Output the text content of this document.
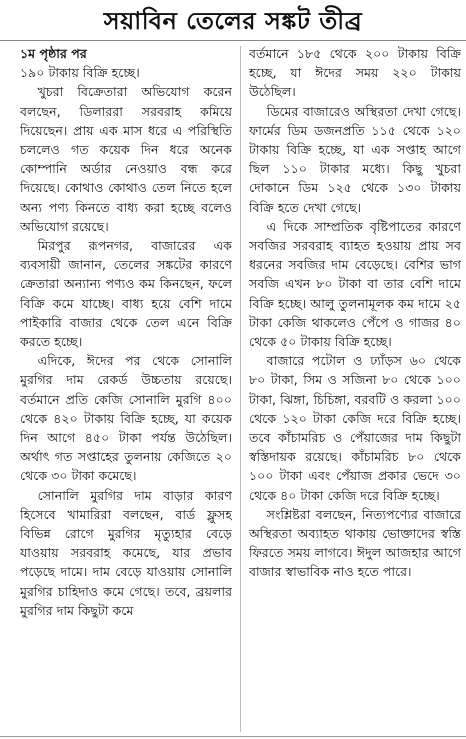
সয়াবিন তেলের সঙ্কট তীব্র
১ম পৃষ্ঠার পর

১৯০ টাকায় বিক্রি হচ্ছে।

খুচরা বিক্রেতারা অভিযোগ করেন বলছেন, ডিলাররা সরবরাহ কমিয়ে দিয়েছেন। প্রায় এক মাস ধরে এ পরিস্থিতি চললেও গত কয়েক দিন ধরে অনেক কোম্পানি অর্ডার নেওয়াও বন্ধ করে দিয়েছে। কোথাও কোথাও তেল নিতে হলে অন্য পণ্য কিনতে বাধ্য করা হচ্ছে বলেও অভিযোগ রয়েছে।

মিরপুর রূপনগর, বাজারের এক ব্যবসায়ী জানান, তেলের সঙ্কটের কারণে ক্রেতারা অন্যান্য পণ্যও কম কিনছেন, ফলে বিক্রি কমে যাচ্ছে। বাধ্য হয়ে বেশি দামে পাইকারি বাজার থেকে তেল এনে বিক্রি করতে হচ্ছে।

এদিকে, ঈদের পর থেকে সোনালি মুরগির দাম রেকর্ড উচ্চতায় রয়েছে। বর্তমানে প্রতি কেজি সোনালি মুরগি ৪০০ থেকে ৪২০ টাকায় বিক্রি হচ্ছে, যা কয়েক দিন আগে ৪৫০ টাকা পর্যন্ত উঠেছিল। অর্থাৎ গত সপ্তাহের তুলনায় কেজিতে ২০ থেকে ৩০ টাকা কমেছে।

সোনালি মুরগির দাম বাড়ার কারণ হিসেবে খামারিরা বলছেন, বার্ড ফ্লুসহ বিভিন্ন রোগে মুরগির মৃত্যুহার বেড়ে যাওয়ায় সরবরাহ কমেছে, যার প্রভাব পড়েছে দামে। দাম বেড়ে যাওয়ায় সোনালি মুরগির চাহিদাও কমে গেছে। তবে, ব্রয়লার মুরগির দাম কিছুটা কমে

বর্তমানে ১৮৫ থেকে ২০০ টাকায় বিক্রি হচ্ছে, যা ঈদের সময় ২২০ টাকায় উঠেছিল।

ডিমের বাজারেও অস্থিরতা দেখা গেছে। ফার্মের ডিম ডজনপ্রতি ১১৫ থেকে ১২০ টাকায় বিক্রি হচ্ছে, যা এক সপ্তাহ আগে ছিল ১১০ টাকার মধ্যে। কিছু খুচরা দোকানে ডিম ১২৫ থেকে ১৩০ টাকায় বিক্রি হতে দেখা গেছে।

এ দিকে সাম্প্রতিক বৃষ্টিপাতের কারণে সবজির সরবরাহ ব্যাহত হওয়ায় প্রায় সব ধরনের সবজির দাম বেড়েছে। বেশির ভাগ সবজি এখন ৮০ টাকা বা তার বেশি দামে বিক্রি হচ্ছে। আলু তুলনামূলক কম দামে ২৫ টাকা কেজি থাকলেও পেঁপে ও গাজর ৪০ থেকে ৫০ টাকায় বিক্রি হচ্ছে।

বাজারে পটোল ও ঢ্যাঁড়স ৬০ থেকে ৮০ টাকা, সিম ও সজিনা ৮০ থেকে ১০০ টাকা, ঝিঙ্গা, চিচিঙ্গা, বরবটি ও করলা ১০০ থেকে ১২০ টাকা কেজি দরে বিক্রি হচ্ছে। তবে কাঁচামরিচ ও পেঁয়াজের দাম কিছুটা স্বস্তিদায়ক রয়েছে। কাঁচামরিচ ৮০ থেকে ১০০ টাকা এবং পেঁয়াজ প্রকার ভেদে ৩০ থেকে ৪০ টাকা কেজি দরে বিক্রি হচ্ছে।

সংশ্লিষ্টরা বলছেন, নিত্যপণ্যের বাজারে অস্থিরতা অব্যাহত থাকায় ভোক্তাদের স্বস্তি ফিরতে সময় লাগবে। ঈদুল আজহার আগে বাজার স্বাভাবিক নাও হতে পারে।
